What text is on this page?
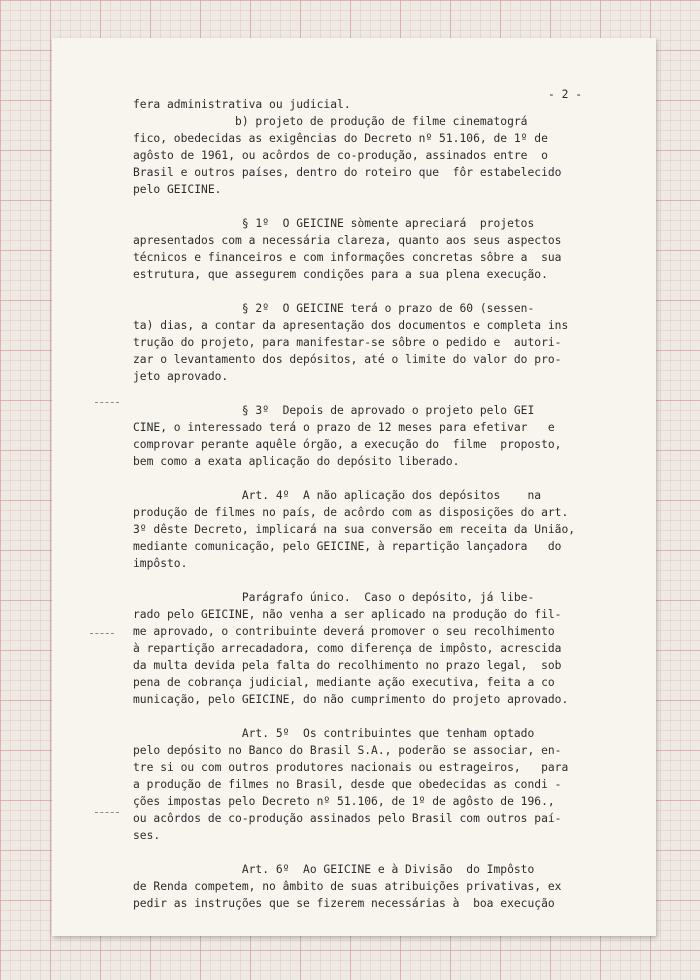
- 2 -
fera administrativa ou judicial.
b) projeto de produção de filme cinematográ
fico, obedecidas as exigências do Decreto nº 51.106, de 1º de
agôsto de 1961, ou acôrdos de co-produção, assinados entre  o
Brasil e outros países, dentro do roteiro que  fôr estabelecido
pelo GEICINE.
§ 1º  O GEICINE sòmente apreciará  projetos
apresentados com a necessária clareza, quanto aos seus aspectos
técnicos e financeiros e com informações concretas sôbre a  sua
estrutura, que assegurem condições para a sua plena execução.
§ 2º  O GEICINE terá o prazo de 60 (sessen-
ta) dias, a contar da apresentação dos documentos e completa ins
trução do projeto, para manifestar-se sôbre o pedido e  autori-
zar o levantamento dos depósitos, até o limite do valor do pro-
jeto aprovado.
§ 3º  Depois de aprovado o projeto pelo GEI
CINE, o interessado terá o prazo de 12 meses para efetivar   e
comprovar perante aquêle órgão, a execução do  filme  proposto,
bem como a exata aplicação do depósito liberado.
Art. 4º  A não aplicação dos depósitos    na
produção de filmes no país, de acôrdo com as disposições do art.
3º dêste Decreto, implicará na sua conversão em receita da União,
mediante comunicação, pelo GEICINE, à repartição lançadora   do
impôsto.
Parágrafo único.  Caso o depósito, já libe-
rado pelo GEICINE, não venha a ser aplicado na produção do fil-
me aprovado, o contribuinte deverá promover o seu recolhimento
à repartição arrecadadora, como diferença de impôsto, acrescida
da multa devida pela falta do recolhimento no prazo legal,  sob
pena de cobrança judicial, mediante ação executiva, feita a co
municação, pelo GEICINE, do não cumprimento do projeto aprovado.
Art. 5º  Os contribuintes que tenham optado
pelo depósito no Banco do Brasil S.A., poderão se associar, en-
tre si ou com outros produtores nacionais ou estrageiros,   para
a produção de filmes no Brasil, desde que obedecidas as condi -
ções impostas pelo Decreto nº 51.106, de 1º de agôsto de 196.,
ou acôrdos de co-produção assinados pelo Brasil com outros paí-
ses.
Art. 6º  Ao GEICINE e à Divisão  do Impôsto
de Renda competem, no âmbito de suas atribuições privativas, ex
pedir as instruções que se fizerem necessárias à  boa execução
